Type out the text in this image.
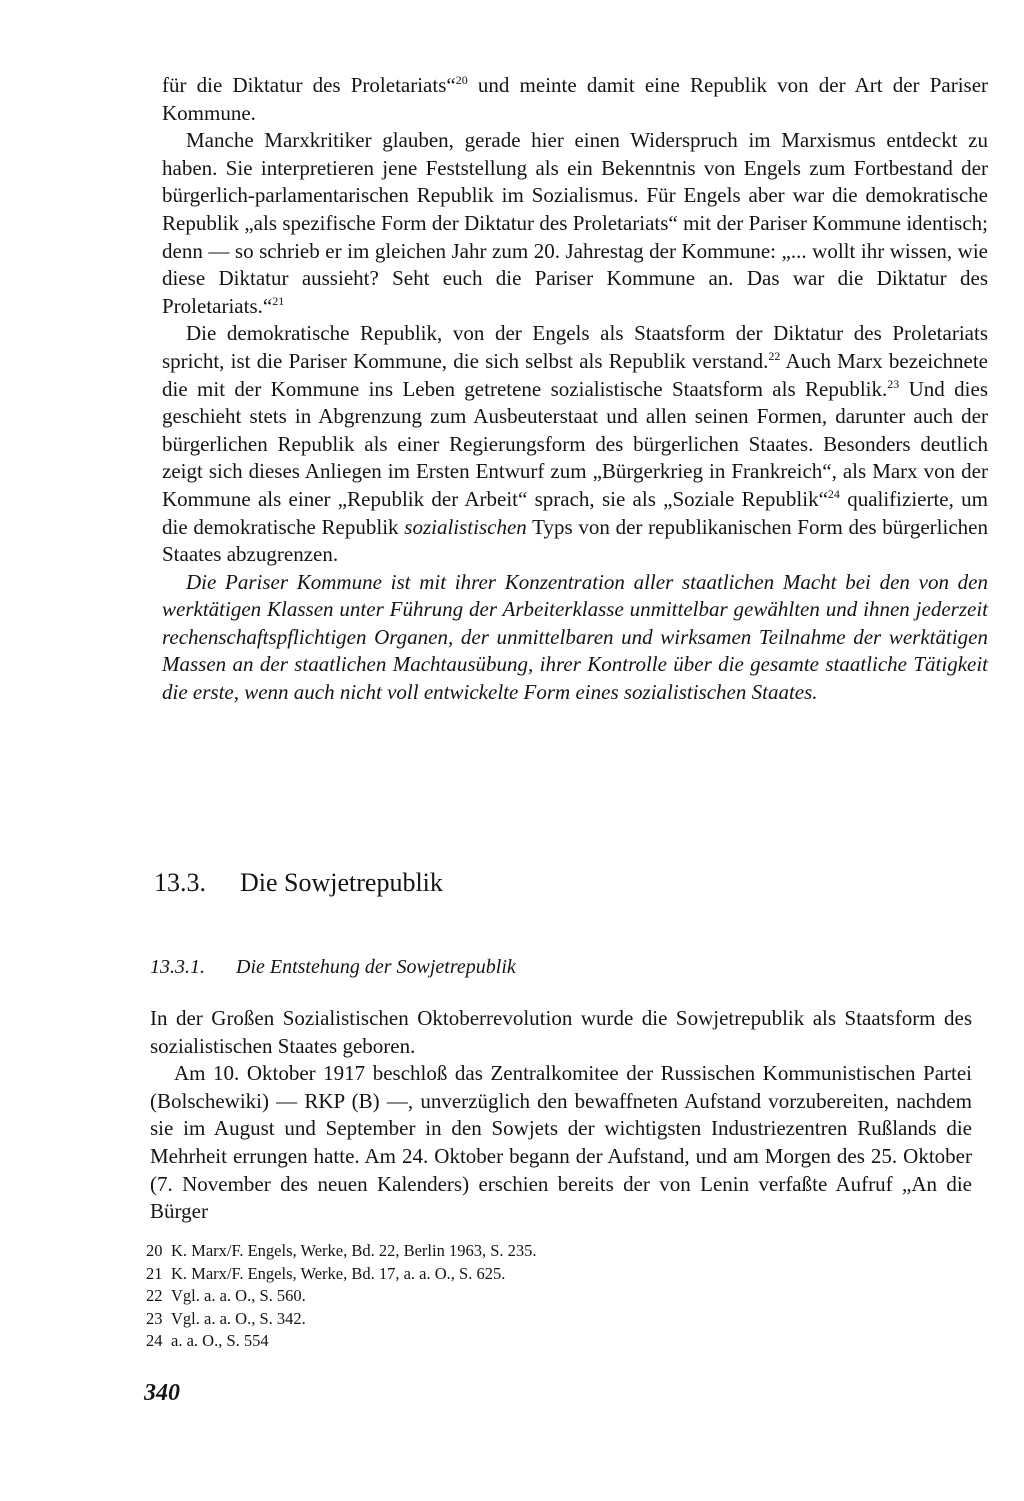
für die Diktatur des Proletariats“$^{20}$ und meinte damit eine Republik von der Art der Pariser Kommune.

Manche Marxkritiker glauben, gerade hier einen Widerspruch im Marxismus entdeckt zu haben. Sie interpretieren jene Feststellung als ein Bekenntnis von Engels zum Fortbestand der bürgerlich-parlamentarischen Republik im Sozialismus. Für Engels aber war die demokratische Republik „als spezifische Form der Diktatur des Proletariats“ mit der Pariser Kommune identisch; denn — so schrieb er im gleichen Jahr zum 20. Jahrestag der Kommune: „... wollt ihr wissen, wie diese Diktatur aussieht? Seht euch die Pariser Kommune an. Das war die Diktatur des Proletariats.“$^{21}$

Die demokratische Republik, von der Engels als Staatsform der Diktatur des Proletariats spricht, ist die Pariser Kommune, die sich selbst als Republik verstand.$^{22}$ Auch Marx bezeichnete die mit der Kommune ins Leben getretene sozialistische Staatsform als Republik.$^{23}$ Und dies geschieht stets in Abgrenzung zum Ausbeuterstaat und allen seinen Formen, darunter auch der bürgerlichen Republik als einer Regierungsform des bürgerlichen Staates. Besonders deutlich zeigt sich dieses Anliegen im Ersten Entwurf zum „Bürgerkrieg in Frankreich“, als Marx von der Kommune als einer „Republik der Arbeit“ sprach, sie als „Soziale Republik“$^{24}$ qualifizierte, um die demokratische Republik sozialistischen Typs von der republikanischen Form des bürgerlichen Staates abzugrenzen.

Die Pariser Kommune ist mit ihrer Konzentration aller staatlichen Macht bei den von den werktätigen Klassen unter Führung der Arbeiterklasse unmittelbar gewählten und ihnen jederzeit rechenschaftspflichtigen Organen, der unmittelbaren und wirksamen Teilnahme der werktätigen Massen an der staatlichen Machtausübung, ihrer Kontrolle über die gesamte staatliche Tätigkeit die erste, wenn auch nicht voll entwickelte Form eines sozialistischen Staates.

13.3. Die Sowjetrepublik
13.3.1. Die Entstehung der Sowjetrepublik

In der Großen Sozialistischen Oktoberrevolution wurde die Sowjetrepublik als Staatsform des sozialistischen Staates geboren.

Am 10. Oktober 1917 beschloß das Zentralkomitee der Russischen Kommunistischen Partei (Bolschewiki) — RKP (B) —, unverzüglich den bewaffneten Aufstand vorzubereiten, nachdem sie im August und September in den Sowjets der wichtigsten Industriezentren Rußlands die Mehrheit errungen hatte. Am 24. Oktober begann der Aufstand, und am Morgen des 25. Oktober (7. November des neuen Kalenders) erschien bereits der von Lenin verfaßte Aufruf „An die Bürger

20 K. Marx/F. Engels, Werke, Bd. 22, Berlin 1963, S. 235.
21 K. Marx/F. Engels, Werke, Bd. 17, a. a. O., S. 625.
22 Vgl. a. a. O., S. 560.
23 Vgl. a. a. O., S. 342.
24 a. a. O., S. 554
340
